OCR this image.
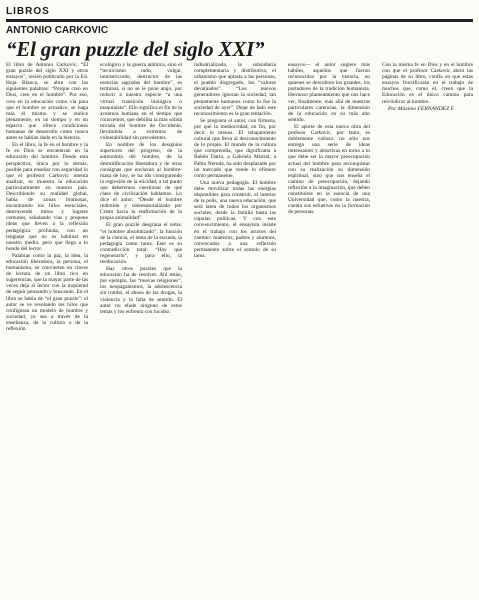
LIBROS
ANTONIO CARKOVIC
“El gran puzzle del siglo XXI”

El libro de Antonio Carkovic, “El gran puzzle del siglo XXI y otros ensayos”, recién publicado por la Ed. Hoja Blanca, se abre con las siguientes palabras: “Porque creo en Dios, creo en el hombre”. Por eso, creo en la educación como vía para que el hombre se actualice, se haga más él mismo y se realice plenamente, en un tiempo y en un espacio que ofrece condiciones humanas de desarrollo como nunca antes se habían dado en la historia.

En el libro, la fe en el hombre y la fe en Dios se encuentran en la educación del hombre. Desde esta perspectiva, única por lo demás, posible para enseñar con seguridad lo que el profesor Carkovic intenta analizar, se muestra la educación particularmente en nuestro país. Describiendo su realidad global, habla de zonas brumosas, encontrando los hilos esenciales, destruyendo mitos y lugares comunes, señalando vías y propone ideas que lleven a la reflexión pedagógica profunda, con un lenguaje que no es habitual en nuestro medio, pero que llega a lo hondo del lector.

Palabras como la paz, la idea, la educación liberadora, la persona, el humanismo, se convierten en claves de lectura de un libro rico en sugerencias, que la mayor parte de las veces deja al lector con la inquietud de seguir pensando y buscando. En el libro se habla de “el gran puzzle”: el autor se ve revelando los hilos que configuran un modelo de hombre y sociedad, ya sea a través de la enseñanza, de la cultura o de la reflexión.

ecológico y la guerra atómica, sino el “tecnicismo rudo, vulgar, inmisericorde, destructor de las esencias sagradas del hombre”, es terminal, si no se le pone atajo, por reducir a nuestra especie “a una virtual transición biológica o maquinista”. Ello significa el fin de la aventura humana en el tiempo que conocemos, que debilita la más sólida mirada del hombre de Occidente, llevándola a extremos de vulnerabilidad sin precedentes.

En nombre de los designios superiores del progreso, de la autonomía del hombre, de la desmitificación liberadora y de otras consignas que enclavan al hombre-masa de hoy, se ha ido consiguiendo la regresión de la eticidad, a tal punto que deberemos cuestionar de qué clase de civilización hablamos. Lo dice el autor: “Desde el hombre redimido y sobrenaturalizado por Cristo hacia la reafirmación de la propia animalidad”.

El gran puzzle desgrana el tema: “el hombre absolutizado”, la función de la ciencia, el tema de la escuela, la pedagogía como tarea. Este es su contradicción total: “Hay que regenerarlo”, y para ello, la reeducación.

Hay otros puzzles que la educación ha de resolver. Ahí están, por ejemplo, las “nuevas religiones”, los neopaganismos, la adolescencia sin rumbo, el abuso de las drogas, la violencia y la falta de sentido. El autor no elude ninguno de estos temas y los enfrenta con lucidez.

industrializada, la subsidiaria complementaria y distributiva, el urbanismo que aplasta a las personas, el pueblo disgregado, los “valores devaluados”. “Los nuevos generadores ignoran la sociedad, tan plenamente humanos como lo fue la sociedad de ayer”. Dejar de lado este reconocimiento es la gran tentación.

Se pregunta el autor, con firmeza, por qué la mediocridad, en fin, por decir lo menos. El rebajamiento cultural que lleva al desconocimiento de lo propio. El mundo de la cultura que comprendía, que dignificaba a Rubén Darío, a Gabriela Mistral, a Pablo Neruda, ha sido desplazado por un mercado que vende lo efímero como permanente.

Una nueva pedagogía. El hombre debe movilizar todas las energías disponibles para construir, el interior de la polis, una nueva educación, que será tarea de todos los organismos sociales, desde la familia hasta las cúpulas políticas. Y con este convencimiento, el ensayista insiste en el trabajo con los actores del cambio: maestros, padres y alumnos, convocados a una reflexión permanente sobre el sentido de su tarea.

ensayos— el autor sugiere más hábiles, aquellos que fueron reconocidos por la historia, en quienes se descubren los grandes, los portadores de la tradición humanista. Hermoso planteamiento que nos hace ver, finalmente, más allá de nuestras particulares carencias, la dimensión de la educación en su más alto sentido.

El aporte de esta nueva obra del profesor Carkovic, por tanto, es doblemente valioso: no sólo nos entrega una serie de ideas interesantes y atractivas en torno a lo que debe ser la mayor preocupación actual del hombre para reconquistar con su realización su dimensión espiritual, sino que nos enseña el camino de preocupación, dejando reflexión a la imaginación, que deben constituirse en la esencia de una Universidad que, como la nuestra, cuenta sus esfuerzos en la formación de personas.

Con la misma fe en Dios y en el hombre con que el profesor Carkovic abrió las páginas de su libro, confía en que estas ensayos fructificarán en el trabajo de muchos que, como él, creen que la Educación es el único camino para reivindicar al hombre.

Por Máximo FERNÁNDEZ F.
